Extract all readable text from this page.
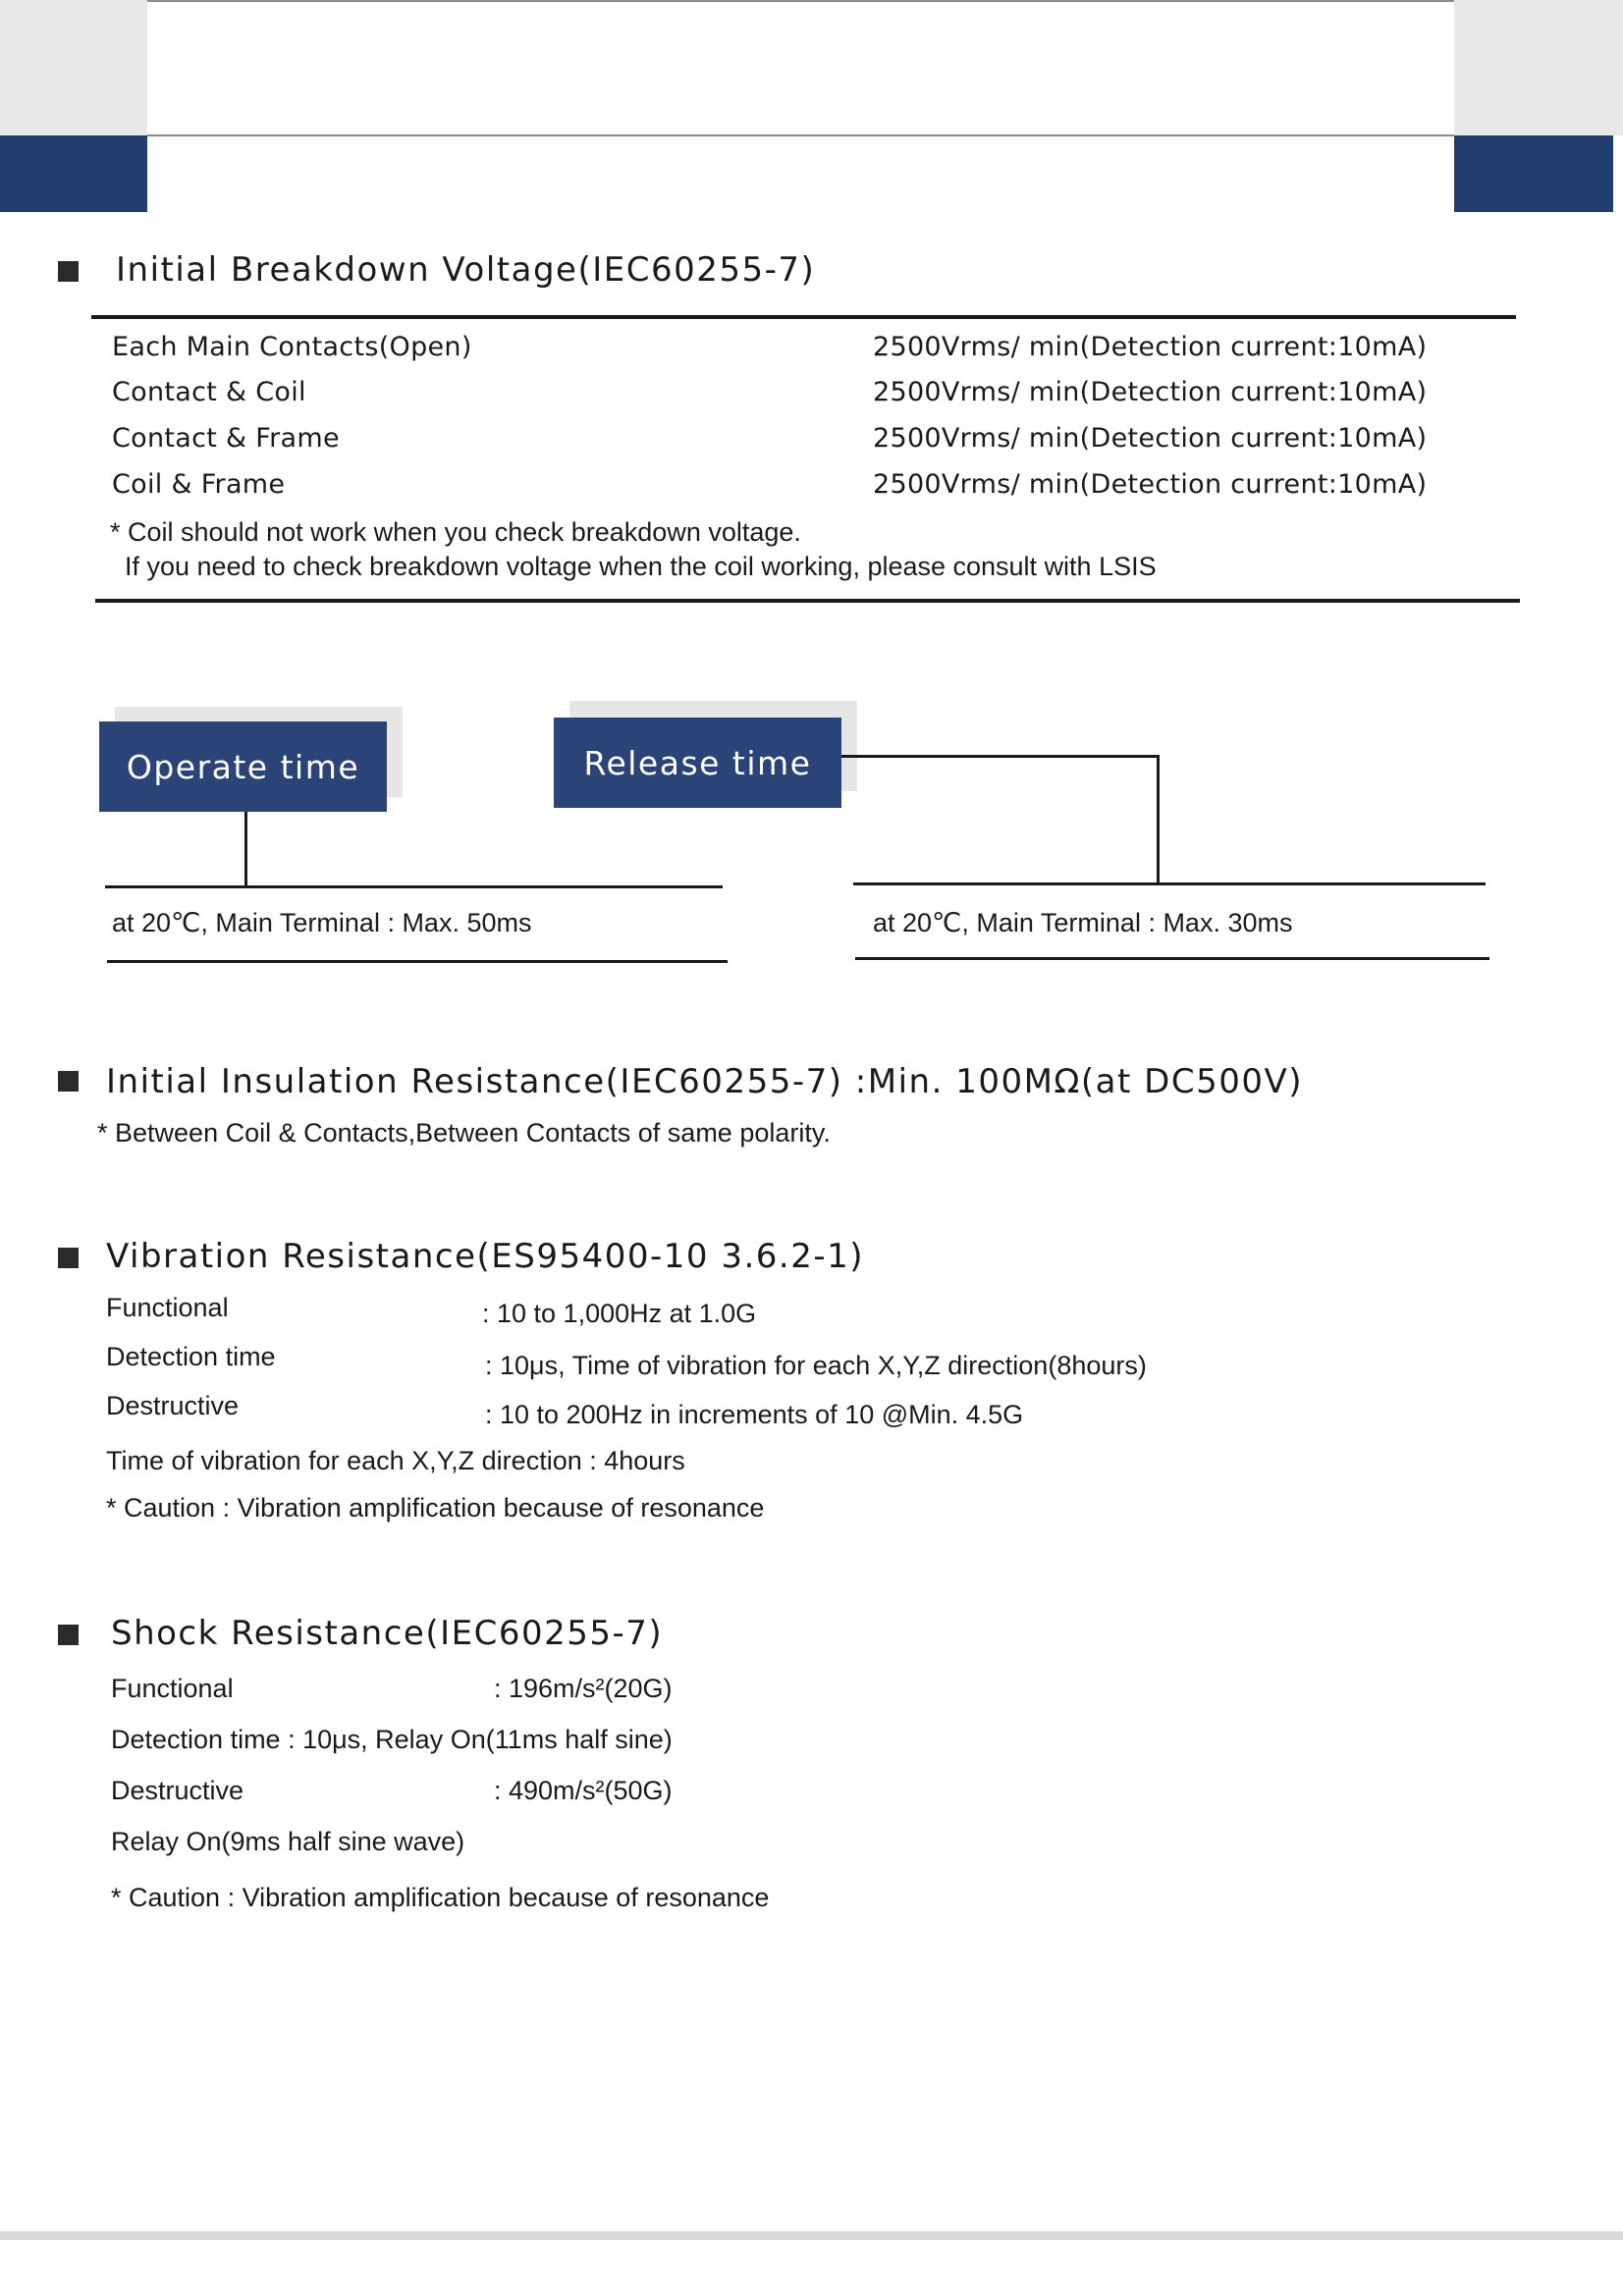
Initial Breakdown Voltage(IEC60255-7)
Each Main Contacts(Open)	2500Vrms/ min(Detection current:10mA)
Contact & Coil	2500Vrms/ min(Detection current:10mA)
Contact & Frame	2500Vrms/ min(Detection current:10mA)
Coil & Frame	2500Vrms/ min(Detection current:10mA)
* Coil should not work when you check breakdown voltage.
If you need to check breakdown voltage when the coil working, please consult with LSIS
Operate time
at 20℃, Main Terminal : Max. 50ms
Release time
at 20℃, Main Terminal : Max. 30ms
Initial Insulation Resistance(IEC60255-7) :Min. 100MΩ(at DC500V)
* Between Coil & Contacts,Between Contacts of same polarity.
Vibration Resistance(ES95400-10 3.6.2-1)
Functional	: 10 to 1,000Hz at 1.0G
Detection time	: 10μs, Time of vibration for each X,Y,Z direction(8hours)
Destructive	: 10 to 200Hz in increments of 10 @Min. 4.5G
Time of vibration for each X,Y,Z direction : 4hours
* Caution : Vibration amplification because of resonance
Shock Resistance(IEC60255-7)
Functional	: 196m/s²(20G)
Detection time : 10μs, Relay On(11ms half sine)
Destructive	: 490m/s²(50G)
Relay On(9ms half sine wave)
* Caution : Vibration amplification because of resonance
